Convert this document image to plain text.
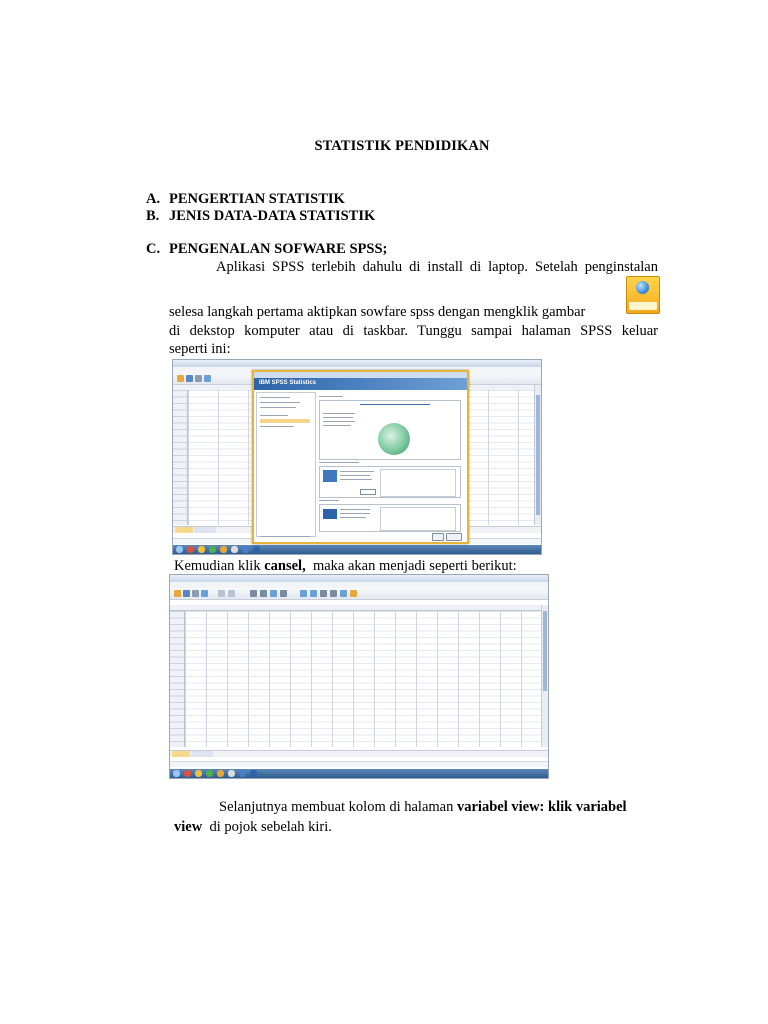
STATISTIK PENDIDIKAN
A. PENGERTIAN STATISTIK
B. JENIS DATA-DATA STATISTIK
C. PENGENALAN SOFWARE SPSS;
Aplikasi SPSS terlebih dahulu di install di laptop. Setelah penginstalan
selesa langkah pertama aktipkan sowfare spss dengan mengklik gambar
di dekstop komputer atau di taskbar. Tunggu sampai halaman SPSS keluar
seperti ini:
IBM SPSS Statistics
Kemudian klik cansel,  maka akan menjadi seperti berikut:
Selanjutnya membuat kolom di halaman variabel view: klik variabel
view  di pojok sebelah kiri.
